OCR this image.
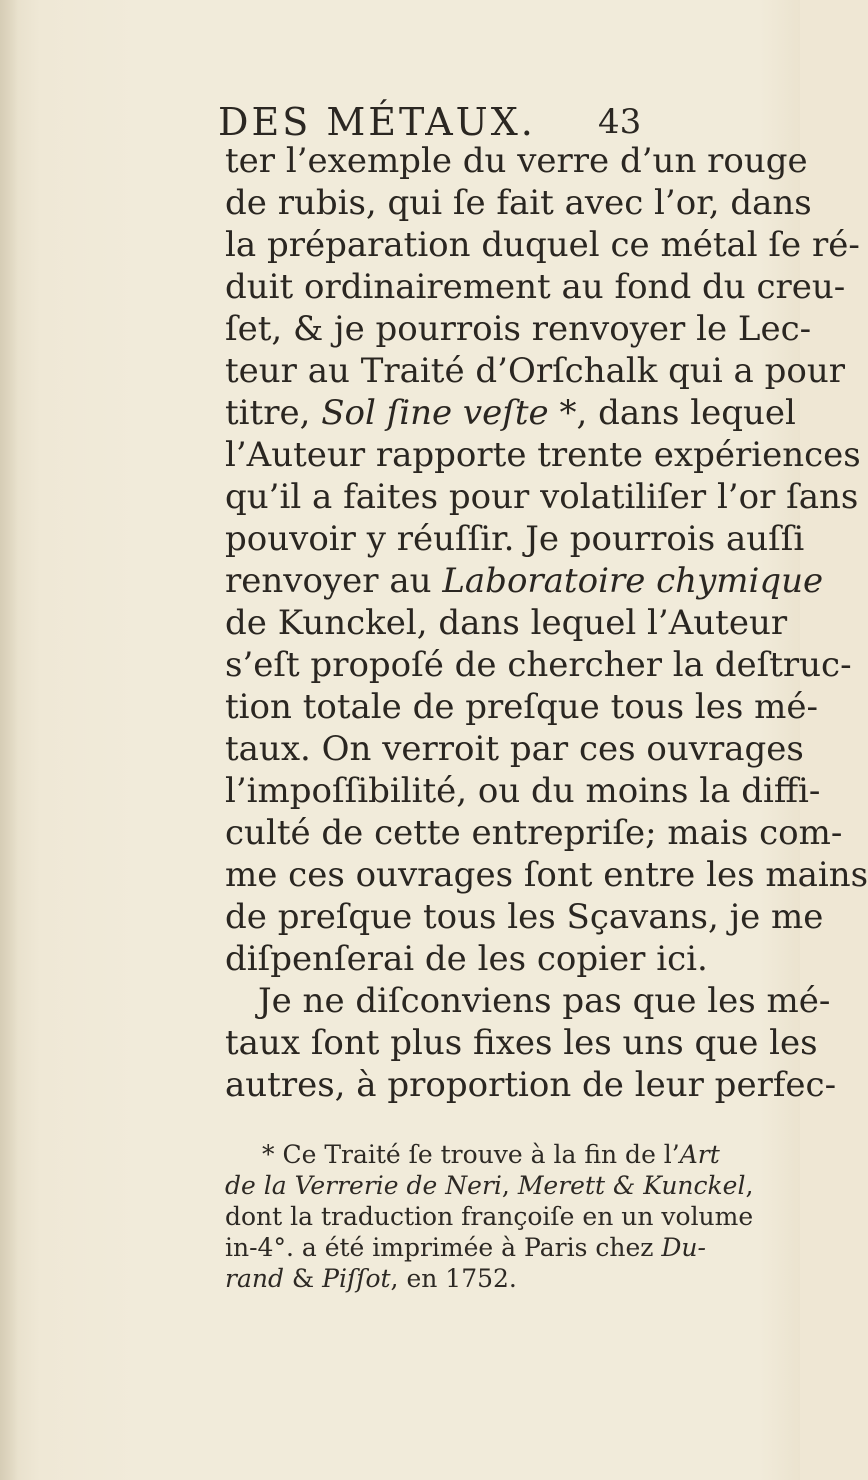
DES MÉTAUX. 43
ter l’exemple du verre d’un rouge
de rubis, qui ſe fait avec l’or, dans
la préparation duquel ce métal ſe ré-
duit ordinairement au fond du creu-
ſet, & je pourrois renvoyer le Lec-
teur au Traité d’Orſchalk qui a pour
titre, Sol ſine veſte *, dans lequel
l’Auteur rapporte trente expériences
qu’il a faites pour volatiliſer l’or ſans
pouvoir y réuſſir. Je pourrois auſſi
renvoyer au Laboratoire chymique
de Kunckel, dans lequel l’Auteur
s’eſt propoſé de chercher la deſtruc-
tion totale de preſque tous les mé-
taux. On verroit par ces ouvrages
l’impoſſibilité, ou du moins la diffi-
culté de cette entrepriſe; mais com-
me ces ouvrages ſont entre les mains
de preſque tous les Sçavans, je me
diſpenſerai de les copier ici.
Je ne diſconviens pas que les mé-
taux ſont plus fixes les uns que les
autres, à proportion de leur perfec-
* Ce Traité ſe trouve à la fin de l’Art
de la Verrerie de Neri, Merett & Kunckel,
dont la traduction françoiſe en un volume
in-4°. a été imprimée à Paris chez Du-
rand & Piſſot, en 1752.
